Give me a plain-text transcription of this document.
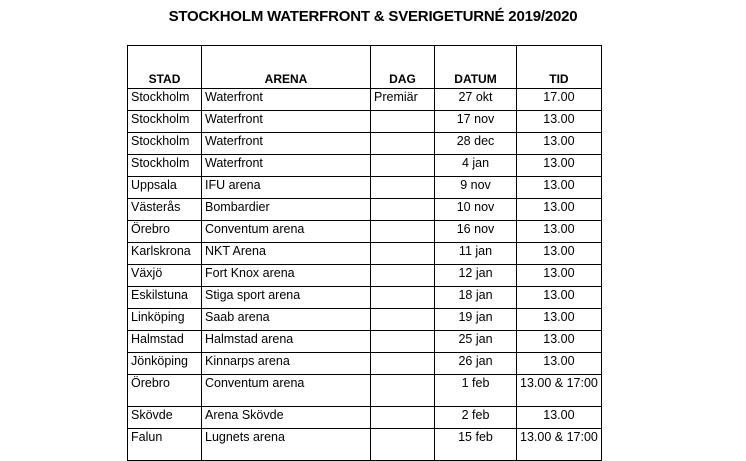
STOCKHOLM WATERFRONT & SVERIGETURNÉ 2019/2020
STAD	ARENA	DAG	DATUM	TID
Stockholm	Waterfront	Premiär	27 okt	17.00
Stockholm	Waterfront		17 nov	13.00
Stockholm	Waterfront		28 dec	13.00
Stockholm	Waterfront		4 jan	13.00
Uppsala	IFU arena		9 nov	13.00
Västerås	Bombardier		10 nov	13.00
Örebro	Conventum arena		16 nov	13.00
Karlskrona	NKT Arena		11 jan	13.00
Växjö	Fort Knox arena		12 jan	13.00
Eskilstuna	Stiga sport arena		18 jan	13.00
Linköping	Saab arena		19 jan	13.00
Halmstad	Halmstad arena		25 jan	13.00
Jönköping	Kinnarps arena		26 jan	13.00
Örebro	Conventum arena		1 feb	13.00 & 17:00
Skövde	Arena Skövde		2 feb	13.00
Falun	Lugnets arena		15 feb	13.00 & 17:00
